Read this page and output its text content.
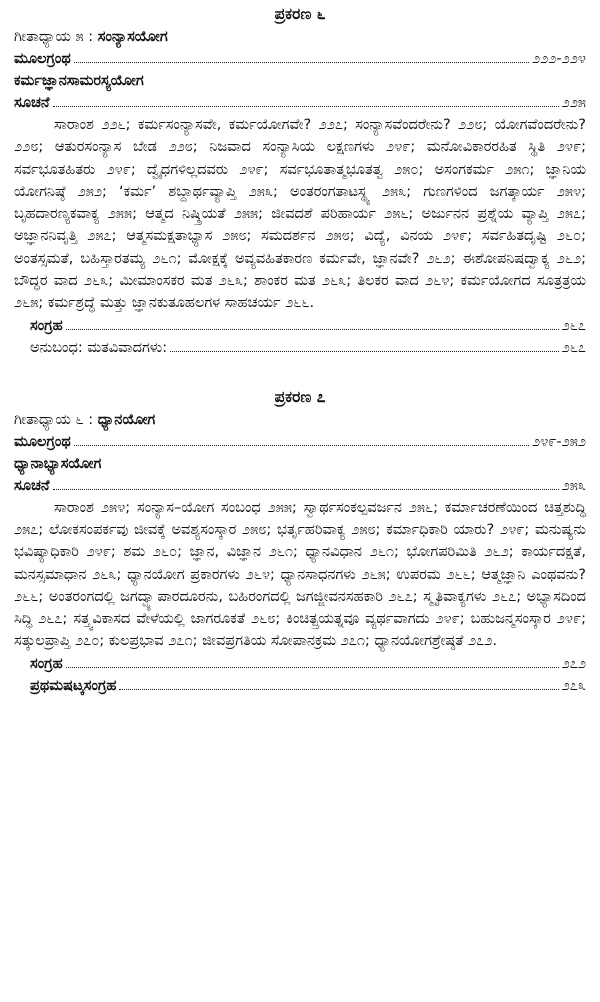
ಪ್ರಕರಣ ೬
ಗೀತಾಧ್ಯಾಯ ೫ : ಸಂನ್ಯಾಸಯೋಗ
ಮೂಲಗ್ರಂಥ	೨೨೨-೨೨೪
ಕರ್ಮಜ್ಞಾನಸಾಮರಸ್ಯಯೋಗ
ಸೂಚನೆ	೨೨೫

ಸಾರಾಂಶ ೨೨೬; ಕರ್ಮಸಂನ್ಯಾಸವೇ, ಕರ್ಮಯೋಗವೇ? ೨೨೭; ಸಂನ್ಯಾಸವೆಂದರೇನು? ೨೨೮; ಯೋಗವೆಂದರೇನು? ೨೨೮; ಆತುರಸಂನ್ಯಾಸ ಬೇಡ ೨೨೮; ನಿಜವಾದ ಸಂನ್ಯಾಸಿಯ ಲಕ್ಷಣಗಳು ೨೪೯; ಮನೋವಿಕಾರರಹಿತ ಸ್ಥಿತಿ ೨೪೯; ಸರ್ವಭೂತಹಿತರು ೨೪೯; ದ್ವೈಧಗಳಿಲ್ಲದವರು ೨೪೯; ಸರ್ವಭೂತಾತ್ಮಭೂತತ್ವ ೨೫೦; ಅಸಂಗಕರ್ಮ ೨೫೧; ಜ್ಞಾನಿಯ ಯೋಗನಿಷ್ಠೆ ೨೫೨; ‘ಕರ್ಮ’ ಶಬ್ದಾರ್ಥವ್ಯಾಪ್ತಿ ೨೫೩; ಅಂತರಂಗತಾಟಸ್ಥ್ಯ ೨೫೩; ಗುಣಗಳಿಂದ ಜಗತ್ಕಾರ್ಯ ೨೫೪; ಬೃಹದಾರಣ್ಯಕವಾಕ್ಯ ೨೫೫; ಆತ್ಮದ ನಿಷ್ಕ್ರಿಯತೆ ೨೫೫; ಜೀವದಶೆ ಪರಿಹಾರ್ಯ ೨೫೬; ಅರ್ಜುನನ ಪ್ರಶ್ನೆಯ ವ್ಯಾಪ್ತಿ ೨೫೭; ಅಜ್ಞಾನನಿವೃತ್ತಿ ೨೫೭; ಆತ್ಮಸಮಕ್ಷತಾಭ್ಯಾಸ ೨೫೮; ಸಮದರ್ಶನ ೨೫೮; ವಿದ್ಯೆ, ವಿನಯ ೨೪೯; ಸರ್ವಹಿತದೃಷ್ಟಿ ೨೬೦; ಅಂತಸ್ಸಮತೆ, ಬಹಿಸ್ತಾರತಮ್ಯ ೨೬೧; ಮೋಕ್ಷಕ್ಕೆ ಅವ್ಯವಹಿತಕಾರಣ ಕರ್ಮವೇ, ಜ್ಞಾನವೇ? ೨೬೨; ಈಶೋಪನಿಷದ್ವಾಕ್ಯ ೨೬೨; ಬೌದ್ಧರ ವಾದ ೨೬೩; ಮೀಮಾಂಸಕರ ಮತ ೨೬೩; ಶಾಂಕರ ಮತ ೨೬೩; ತಿಲಕರ ವಾದ ೨೬೪; ಕರ್ಮಯೋಗದ ಸೂತ್ರತ್ರಯ ೨೬೫; ಕರ್ಮಶ್ರದ್ಧೆ ಮತ್ತು ಜ್ಞಾನಕುತೂಹಲಗಳ ಸಾಹಚರ್ಯ ೨೬೬.

ಸಂಗ್ರಹ	೨೬೭
ಅನುಬಂಧ: ಮತವಿವಾದಗಳು:	೨೬೭
ಪ್ರಕರಣ ೭
ಗೀತಾಧ್ಯಾಯ ೬ : ಧ್ಯಾನಯೋಗ
ಮೂಲಗ್ರಂಥ	೨೪೯-೨೫೨
ಧ್ಯಾನಾಭ್ಯಾಸಯೋಗ
ಸೂಚನೆ	೨೫೩

ಸಾರಾಂಶ ೨೫೪; ಸಂನ್ಯಾಸ–ಯೋಗ ಸಂಬಂಧ ೨೫೫; ಸ್ವಾರ್ಥಸಂಕಲ್ಪವರ್ಜನ ೨೫೬; ಕರ್ಮಾಚರಣೆಯಿಂದ ಚಿತ್ತಶುದ್ಧಿ ೨೫೭; ಲೋಕಸಂಪರ್ಕವು ಜೀವಕ್ಕೆ ಅವಶ್ಯಸಂಸ್ಕಾರ ೨೫೮; ಭರ್ತೃಹರಿವಾಕ್ಯ ೨೫೮; ಕರ್ಮಾಧಿಕಾರಿ ಯಾರು? ೨೪೯; ಮನುಷ್ಯನು ಭವಿಷ್ಯಾಧಿಕಾರಿ ೨೪೯; ಶಮ ೨೬೦; ಜ್ಞಾನ, ವಿಜ್ಞಾನ ೨೬೧; ಧ್ಯಾನವಿಧಾನ ೨೬೧; ಭೋಗಪರಿಮಿತಿ ೨೬೨; ಕಾರ್ಯದಕ್ಷತೆ, ಮನಸ್ಸಮಾಧಾನ ೨೬೩; ಧ್ಯಾನಯೋಗ ಪ್ರಕಾರಗಳು ೨೬೪; ಧ್ಯಾನಸಾಧನಗಳು ೨೬೫; ಉಪರಮ ೨೬೬; ಆತ್ಮಜ್ಞಾನಿ ಎಂಥವನು? ೨೬೬; ಅಂತರಂಗದಲ್ಲಿ ಜಗದ್ವ್ಯಾಪಾರದೂರನು, ಬಹಿರಂಗದಲ್ಲಿ ಜಗಜ್ಜೀವನಸಹಕಾರಿ ೨೬೭; ಸ್ಮೃತಿವಾಕ್ಯಗಳು ೨೬೭; ಅಭ್ಯಾಸದಿಂದ ಸಿದ್ಧಿ ೨೬೭; ಸತ್ತ್ವವಿಕಾಸದ ವೇಳೆಯಲ್ಲಿ ಜಾಗರೂಕತೆ ೨೬೮; ಕಿಂಚಿತ್ಪ್ರಯತ್ನವೂ ವ್ಯರ್ಥವಾಗದು ೨೪೯; ಬಹುಜನ್ಮಸಂಸ್ಕಾರ ೨೪೯; ಸತ್ಕುಲಪ್ರಾಪ್ತಿ ೨೭೦; ಕುಲಪ್ರಭಾವ ೨೭೧; ಜೀವಪ್ರಗತಿಯ ಸೋಪಾನಕ್ರಮ ೨೭೧; ಧ್ಯಾನಯೋಗಶ್ರೇಷ್ಠತೆ ೨೭೨.

ಸಂಗ್ರಹ	೨೭೨
ಪ್ರಥಮಷಟ್ಕಸಂಗ್ರಹ	೨೭೩
